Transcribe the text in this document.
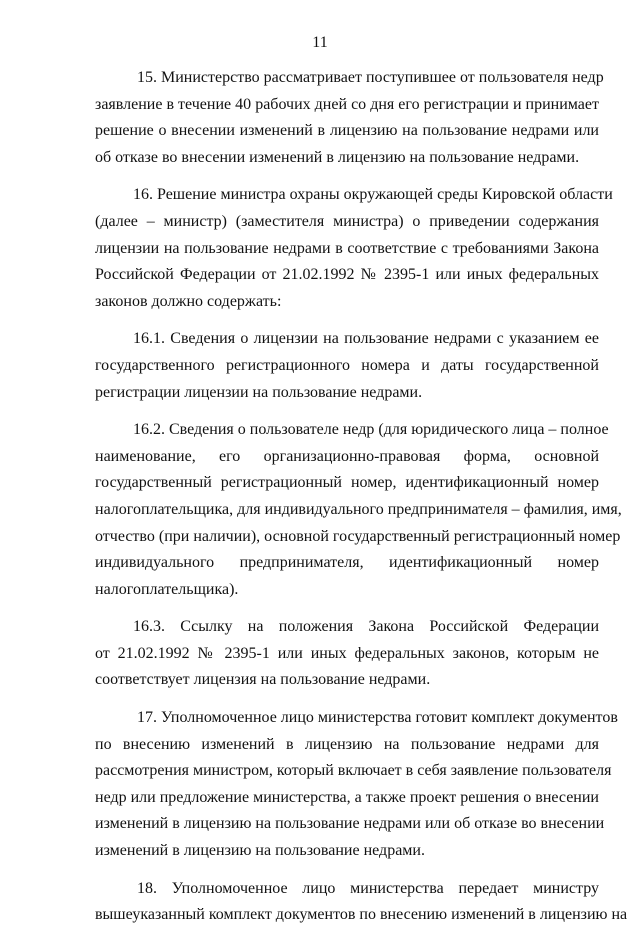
11
15. Министерство рассматривает поступившее от пользователя недр
заявление в течение 40 рабочих дней со дня его регистрации и принимает
решение о внесении изменений в лицензию на пользование недрами или
об отказе во внесении изменений в лицензию на пользование недрами.
16. Решение министра охраны окружающей среды Кировской области
(далее – министр) (заместителя министра) о приведении содержания
лицензии на пользование недрами в соответствие с требованиями Закона
Российской Федерации от 21.02.1992 № 2395-1 или иных федеральных
законов должно содержать:
16.1. Сведения о лицензии на пользование недрами с указанием ее
государственного регистрационного номера и даты государственной
регистрации лицензии на пользование недрами.
16.2. Сведения о пользователе недр (для юридического лица – полное
наименование, его организационно-правовая форма, основной
государственный регистрационный номер, идентификационный номер
налогоплательщика, для индивидуального предпринимателя – фамилия, имя,
отчество (при наличии), основной государственный регистрационный номер
индивидуального предпринимателя, идентификационный номер
налогоплательщика).
16.3. Ссылку на положения Закона Российской Федерации
от 21.02.1992 № 2395-1 или иных федеральных законов, которым не
соответствует лицензия на пользование недрами.
17. Уполномоченное лицо министерства готовит комплект документов
по внесению изменений в лицензию на пользование недрами для
рассмотрения министром, который включает в себя заявление пользователя
недр или предложение министерства, а также проект решения о внесении
изменений в лицензию на пользование недрами или об отказе во внесении
изменений в лицензию на пользование недрами.
18. Уполномоченное лицо министерства передает министру
вышеуказанный комплект документов по внесению изменений в лицензию на
